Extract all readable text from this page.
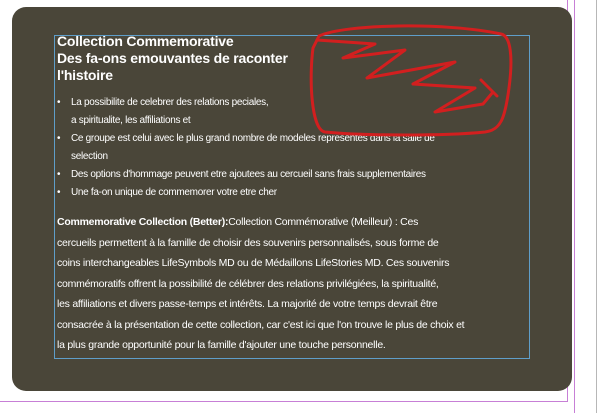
Collection Commemorative
Des fa-ons emouvantes de raconter
l'histoire
• La possibilite de celebrer des relations peciales,
a spiritualite, les affiliations et
• Ce groupe est celui avec le plus grand nombre de modeles representes dans la salle de
selection
• Des options d'hommage peuvent etre ajoutees au cercueil sans frais supplementaires
• Une fa-on unique de commemorer votre etre cher
Commemorative Collection (Better):Collection Commémorative (Meilleur) : Ces
cercueils permettent à la famille de choisir des souvenirs personnalisés, sous forme de
coins interchangeables LifeSymbols MD ou de Médaillons LifeStories MD. Ces souvenirs
commémoratifs offrent la possibilité de célébrer des relations privilégiées, la spiritualité,
les affiliations et divers passe-temps et intérêts. La majorité de votre temps devrait être
consacrée à la présentation de cette collection, car c'est ici que l'on trouve le plus de choix et
la plus grande opportunité pour la famille d'ajouter une touche personnelle.
